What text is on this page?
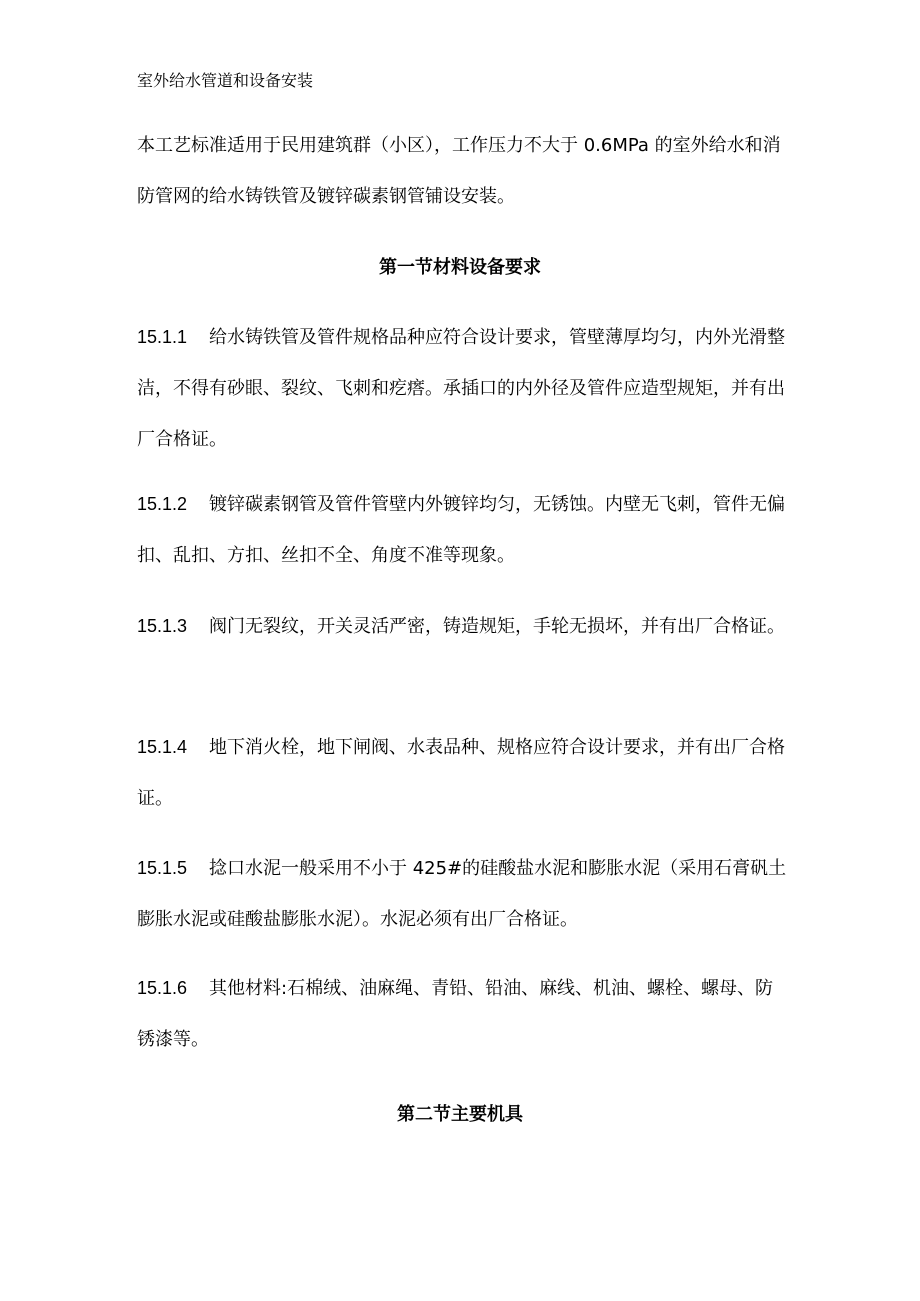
室外给水管道和设备安装

本工艺标准适用于民用建筑群（小区），工作压力不大于 0.6MPa 的室外给水和消防管网的给水铸铁管及镀锌碳素钢管铺设安装。

第一节材料设备要求

15.1.1 给水铸铁管及管件规格品种应符合设计要求，管壁薄厚均匀，内外光滑整洁，不得有砂眼、裂纹、飞刺和疙瘩。承插口的内外径及管件应造型规矩，并有出厂合格证。

15.1.2 镀锌碳素钢管及管件管壁内外镀锌均匀，无锈蚀。内壁无飞刺，管件无偏扣、乱扣、方扣、丝扣不全、角度不准等现象。

15.1.3 阀门无裂纹，开关灵活严密，铸造规矩，手轮无损坏，并有出厂合格证。

15.1.4 地下消火栓，地下闸阀、水表品种、规格应符合设计要求，并有出厂合格证。

15.1.5 捻口水泥一般采用不小于 425#的硅酸盐水泥和膨胀水泥（采用石膏矾土膨胀水泥或硅酸盐膨胀水泥）。水泥必须有出厂合格证。

15.1.6 其他材料:石棉绒、油麻绳、青铅、铅油、麻线、机油、螺栓、螺母、防锈漆等。

第二节主要机具
